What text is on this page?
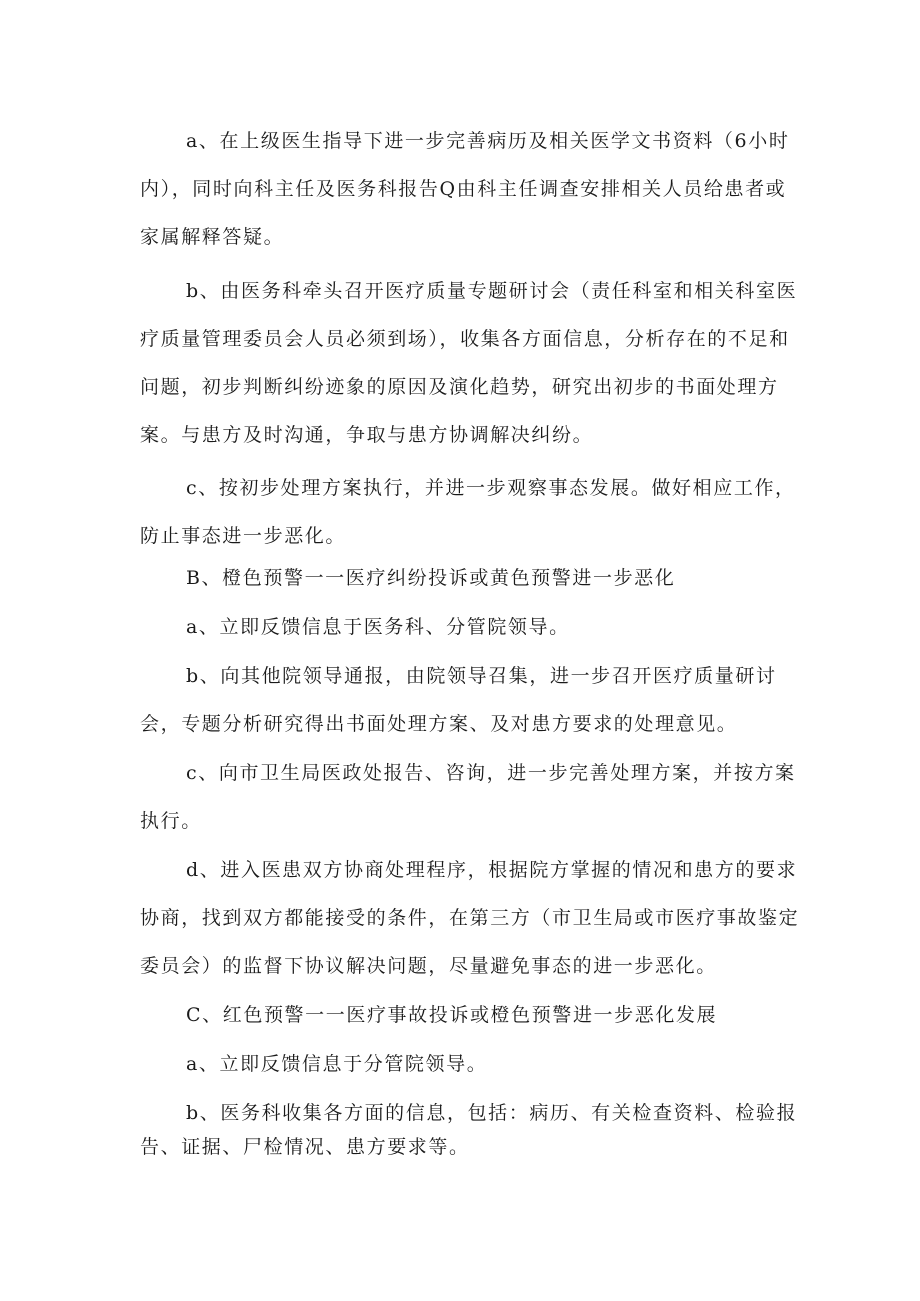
a、在上级医生指导下进一步完善病历及相关医学文书资料（6小时内），同时向科主任及医务科报告Q由科主任调查安排相关人员给患者或家属解释答疑。

b、由医务科牵头召开医疗质量专题研讨会（责任科室和相关科室医疗质量管理委员会人员必须到场），收集各方面信息，分析存在的不足和问题，初步判断纠纷迹象的原因及演化趋势，研究出初步的书面处理方案。与患方及时沟通，争取与患方协调解决纠纷。

c、按初步处理方案执行，并进一步观察事态发展。做好相应工作，防止事态进一步恶化。

B、橙色预警一一医疗纠纷投诉或黄色预警进一步恶化

a、立即反馈信息于医务科、分管院领导。

b、向其他院领导通报，由院领导召集，进一步召开医疗质量研讨会，专题分析研究得出书面处理方案、及对患方要求的处理意见。

c、向市卫生局医政处报告、咨询，进一步完善处理方案，并按方案执行。

d、进入医患双方协商处理程序，根据院方掌握的情况和患方的要求协商，找到双方都能接受的条件，在第三方（市卫生局或市医疗事故鉴定委员会）的监督下协议解决问题，尽量避免事态的进一步恶化。

C、红色预警一一医疗事故投诉或橙色预警进一步恶化发展

a、立即反馈信息于分管院领导。

b、医务科收集各方面的信息，包括：病历、有关检查资料、检验报告、证据、尸检情况、患方要求等。
